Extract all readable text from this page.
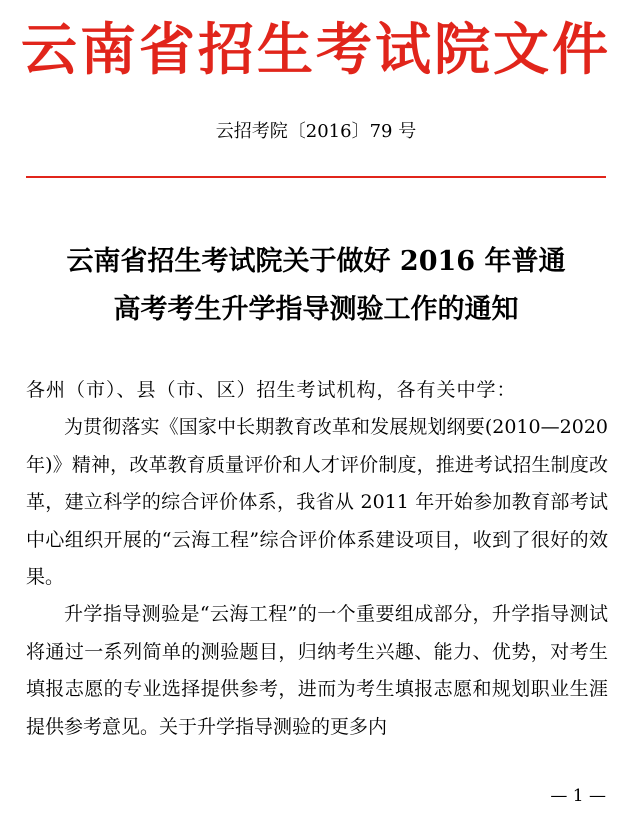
云南省招生考试院文件
云招考院〔2016〕79 号
云南省招生考试院关于做好 2016 年普通
高考考生升学指导测验工作的通知
各州（市）、县（市、区）招生考试机构，各有关中学：

为贯彻落实《国家中长期教育改革和发展规划纲要(2010—2020 年)》精神，改革教育质量评价和人才评价制度，推进考试招生制度改革，建立科学的综合评价体系，我省从 2011 年开始参加教育部考试中心组织开展的“云海工程”综合评价体系建设项目，收到了很好的效果。

升学指导测验是“云海工程”的一个重要组成部分，升学指导测试将通过一系列简单的测验题目，归纳考生兴趣、能力、优势，对考生填报志愿的专业选择提供参考，进而为考生填报志愿和规划职业生涯提供参考意见。关于升学指导测验的更多内

— 1 —
